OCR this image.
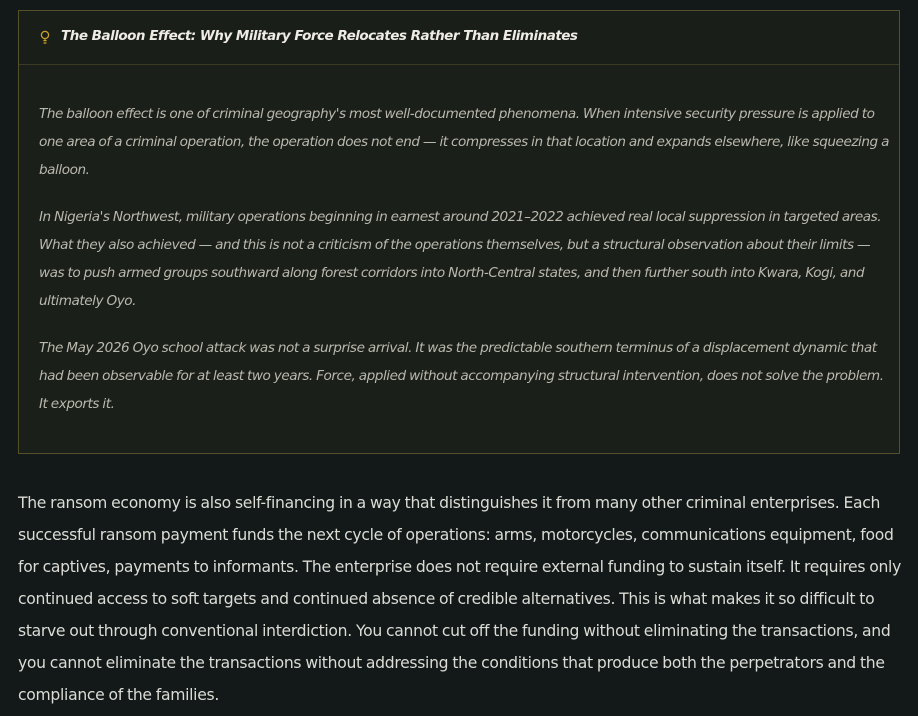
The Balloon Effect: Why Military Force Relocates Rather Than Eliminates

The balloon effect is one of criminal geography's most well-documented phenomena. When intensive security pressure is applied to one area of a criminal operation, the operation does not end — it compresses in that location and expands elsewhere, like squeezing a balloon.

In Nigeria's Northwest, military operations beginning in earnest around 2021–2022 achieved real local suppression in targeted areas. What they also achieved — and this is not a criticism of the operations themselves, but a structural observation about their limits — was to push armed groups southward along forest corridors into North-Central states, and then further south into Kwara, Kogi, and ultimately Oyo.

The May 2026 Oyo school attack was not a surprise arrival. It was the predictable southern terminus of a displacement dynamic that had been observable for at least two years. Force, applied without accompanying structural intervention, does not solve the problem. It exports it.

The ransom economy is also self-financing in a way that distinguishes it from many other criminal enterprises. Each successful ransom payment funds the next cycle of operations: arms, motorcycles, communications equipment, food for captives, payments to informants. The enterprise does not require external funding to sustain itself. It requires only continued access to soft targets and continued absence of credible alternatives. This is what makes it so difficult to starve out through conventional interdiction. You cannot cut off the funding without eliminating the transactions, and you cannot eliminate the transactions without addressing the conditions that produce both the perpetrators and the compliance of the families.
